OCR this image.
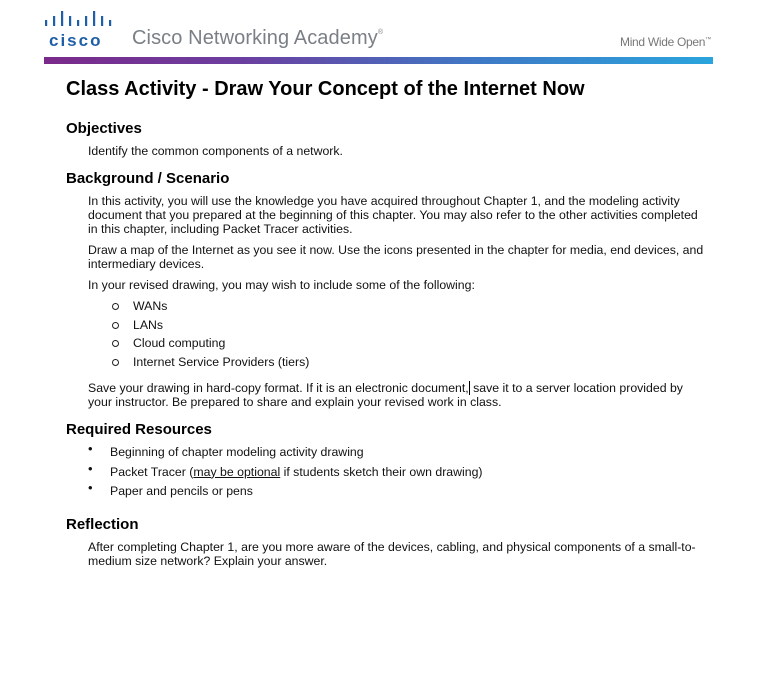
cisco Cisco Networking Academy®
Mind Wide Open™
Class Activity - Draw Your Concept of the Internet Now
Objectives

Identify the common components of a network.

Background / Scenario

In this activity, you will use the knowledge you have acquired throughout Chapter 1, and the modeling activity document that you prepared at the beginning of this chapter. You may also refer to the other activities completed in this chapter, including Packet Tracer activities.

Draw a map of the Internet as you see it now. Use the icons presented in the chapter for media, end devices, and intermediary devices.

In your revised drawing, you may wish to include some of the following:

WANs
LANs
Cloud computing
Internet Service Providers (tiers)

Save your drawing in hard-copy format. If it is an electronic document, save it to a server location provided by your instructor. Be prepared to share and explain your revised work in class.

Required Resources
• Beginning of chapter modeling activity drawing
• Packet Tracer (may be optional if students sketch their own drawing)
• Paper and pencils or pens
Reflection

After completing Chapter 1, are you more aware of the devices, cabling, and physical components of a small-to-medium size network? Explain your answer.
